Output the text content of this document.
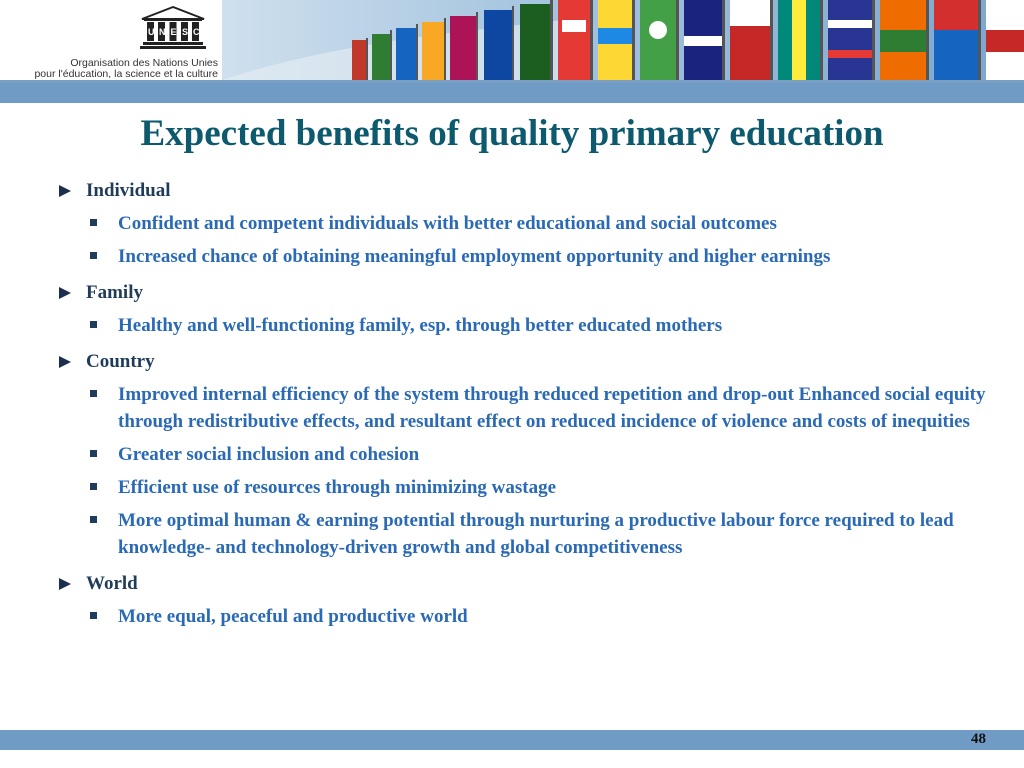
U N E S C
Organisation des Nations Unies
pour l'éducation, la science et la culture
Expected benefits of quality primary education
Individual
Confident and competent individuals with better educational and social outcomes
Increased chance of obtaining meaningful employment opportunity and higher earnings
Family
Healthy and well-functioning family, esp. through better educated mothers
Country
Improved internal efficiency of the system through reduced repetition and drop-out Enhanced social equity through redistributive effects, and resultant effect on reduced incidence of violence and costs of inequities
Greater social inclusion and cohesion
Efficient use of resources through minimizing wastage
More optimal human & earning potential through nurturing a productive labour force required to lead knowledge- and technology-driven growth and global competitiveness
World
More equal, peaceful and productive world
48
